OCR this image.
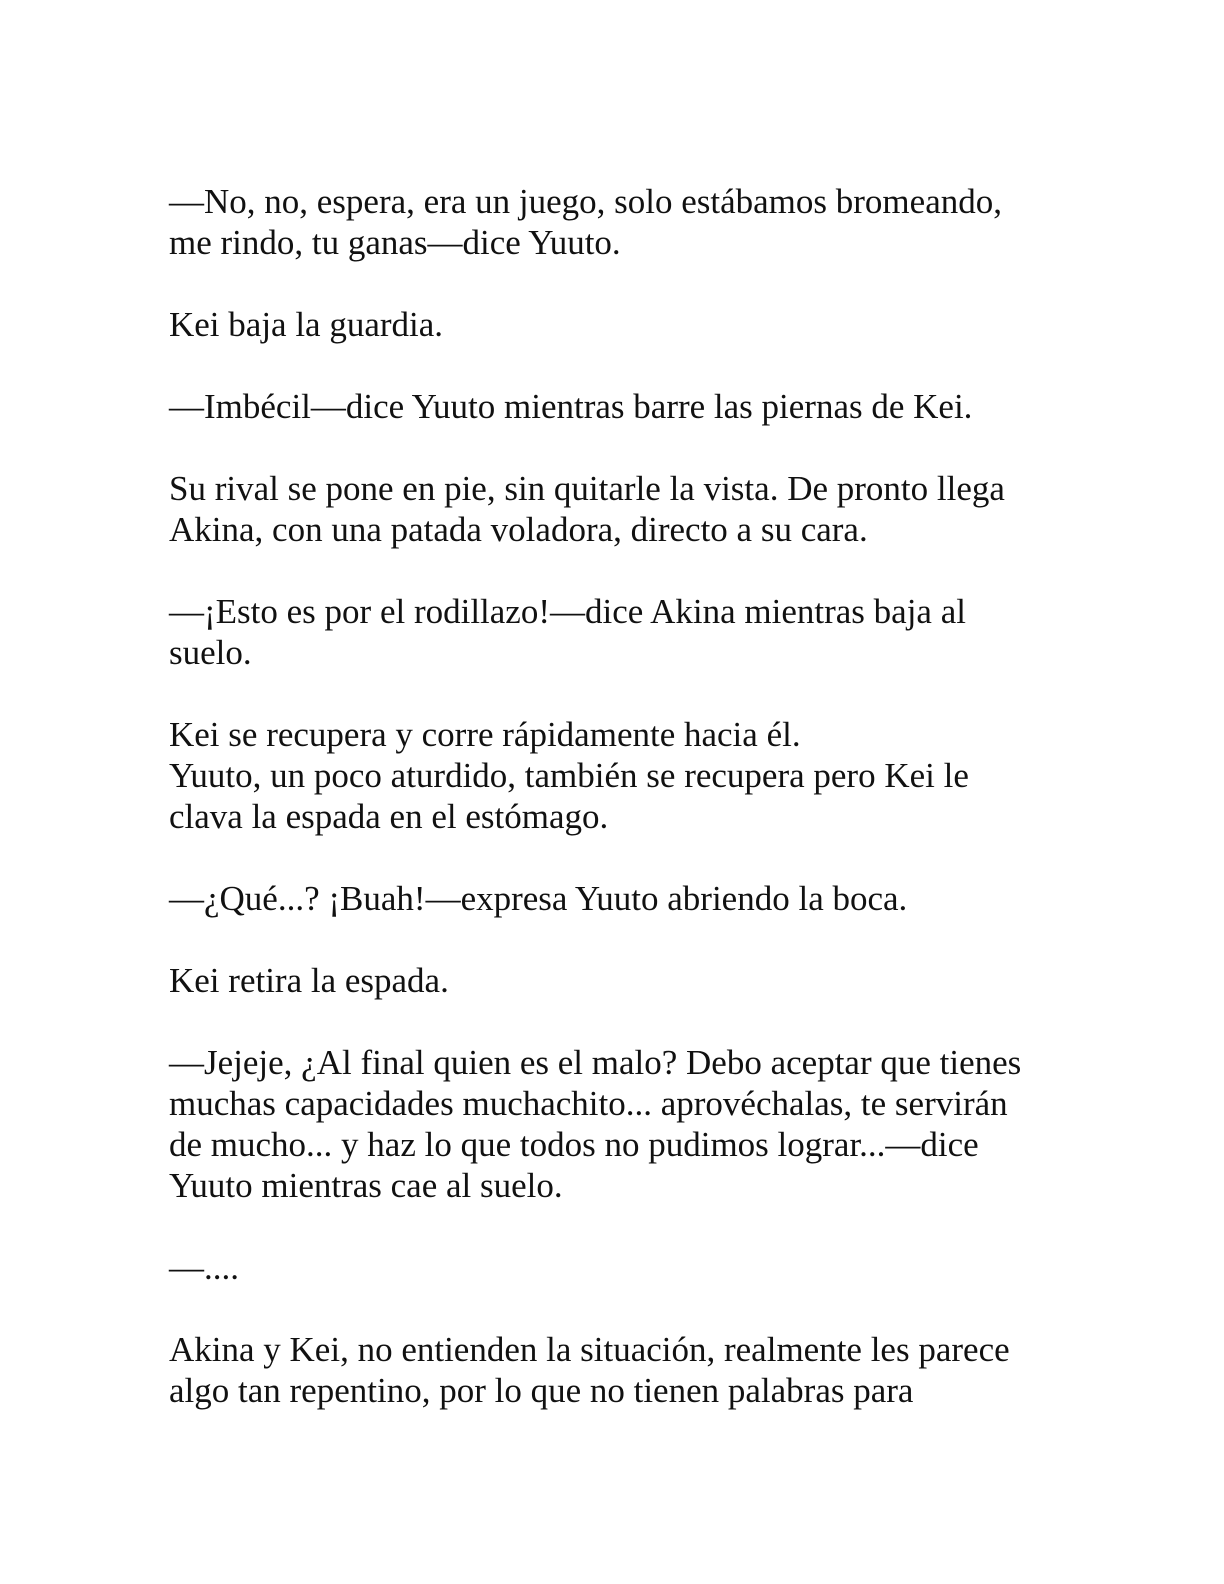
—No, no, espera, era un juego, solo estábamos bromeando,
me rindo, tu ganas—dice Yuuto.

Kei baja la guardia.

—Imbécil—dice Yuuto mientras barre las piernas de Kei.

Su rival se pone en pie, sin quitarle la vista. De pronto llega
Akina, con una patada voladora, directo a su cara.

—¡Esto es por el rodillazo!—dice Akina mientras baja al
suelo.

Kei se recupera y corre rápidamente hacia él.
Yuuto, un poco aturdido, también se recupera pero Kei le
clava la espada en el estómago.

—¿Qué...? ¡Buah!—expresa Yuuto abriendo la boca.

Kei retira la espada.

—Jejeje, ¿Al final quien es el malo? Debo aceptar que tienes
muchas capacidades muchachito... aprovéchalas, te servirán
de mucho... y haz lo que todos no pudimos lograr...—dice
Yuuto mientras cae al suelo.

—....

Akina y Kei, no entienden la situación, realmente les parece
algo tan repentino, por lo que no tienen palabras para
